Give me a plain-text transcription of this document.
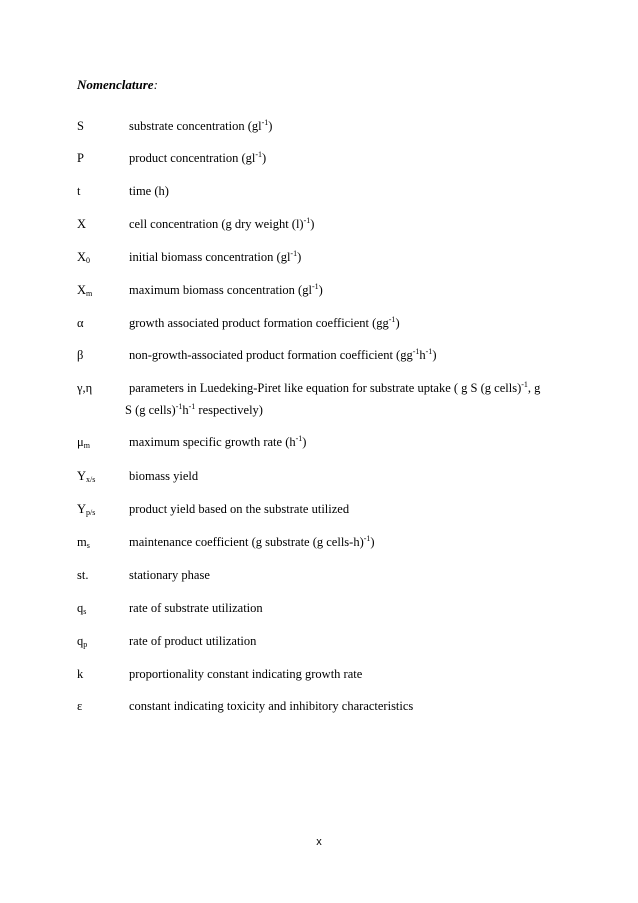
Nomenclature:
S	substrate concentration $(gl^{-1})$
P	product concentration $(gl^{-1})$
t	time (h)
X	cell concentration (g dry weight $(l)^{-1}$)
$X_0$	initial biomass concentration $(gl^{-1})$
$X_m$	maximum biomass concentration $(gl^{-1})$
α	growth associated product formation coefficient $(gg^{-1})$
β	non-growth-associated product formation coefficient $(gg^{-1}h^{-1})$
γ,η	parameters in Luedeking-Piret like equation for substrate uptake ( g S (g cells)$^{-1}$, g
S (g $cells)^{-1}h^{-1}$ respectively)
$\mu_m$	maximum specific growth rate $(h^{-1})$
$Y_{x/s}$	biomass yield
$Y_{p/s}$	product yield based on the substrate utilized
$m_s$	maintenance coefficient (g substrate (g cells-h)$^{-1}$)
st.	stationary phase
$q_s$	rate of substrate utilization
$q_p$	rate of product utilization
k	proportionality constant indicating growth rate
ε	constant indicating toxicity and inhibitory characteristics
x
